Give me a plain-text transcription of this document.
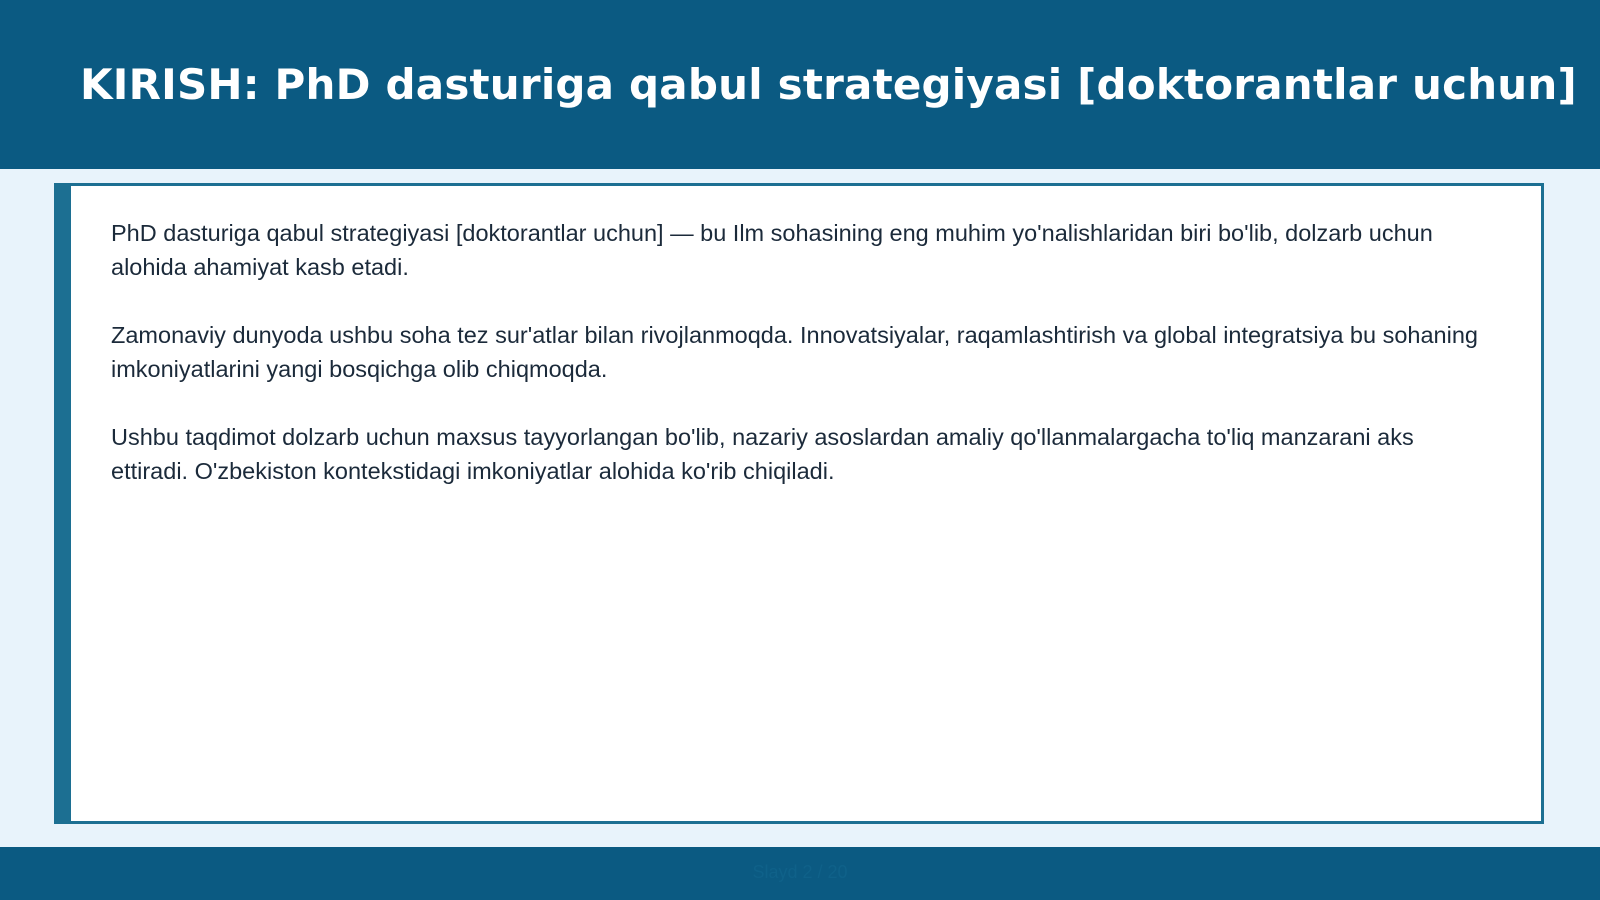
KIRISH: PhD dasturiga qabul strategiyasi [doktorantlar uchun]

PhD dasturiga qabul strategiyasi [doktorantlar uchun] — bu Ilm sohasining eng muhim yo'nalishlaridan biri bo'lib, dolzarb uchun alohida ahamiyat kasb etadi.

Zamonaviy dunyoda ushbu soha tez sur'atlar bilan rivojlanmoqda. Innovatsiyalar, raqamlashtirish va global integratsiya bu sohaning imkoniyatlarini yangi bosqichga olib chiqmoqda.

Ushbu taqdimot dolzarb uchun maxsus tayyorlangan bo'lib, nazariy asoslardan amaliy qo'llanmalargacha to'liq manzarani aks ettiradi. O'zbekiston kontekstidagi imkoniyatlar alohida ko'rib chiqiladi.

Slayd 2 / 20
